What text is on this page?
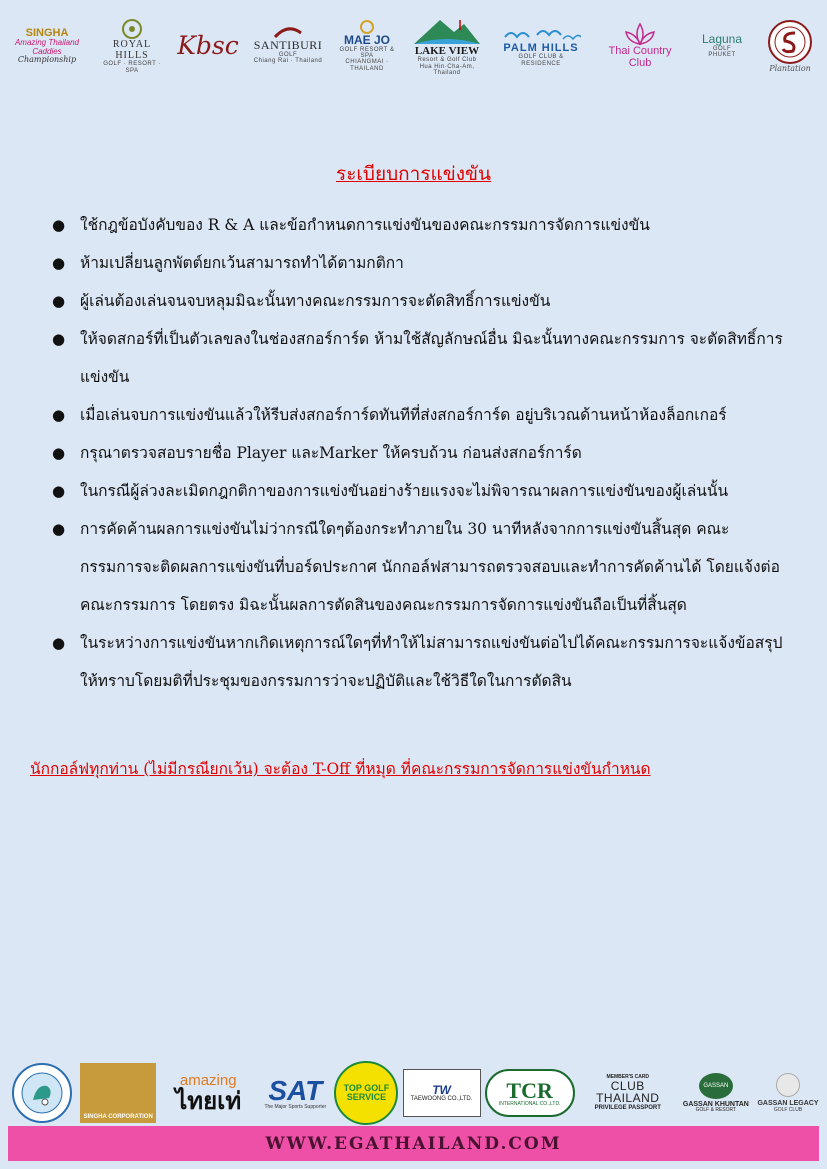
SINGHA
Amazing Thailand
Caddies
Championship
ROYAL HILLS
GOLF · RESORT · SPA
Kbsc SANTIBURI
GOLF
Chiang Rai · Thailand
MAE JO
GOLF RESORT & SPA
CHIANGMAI · THAILAND
LAKE VIEW
Resort & Golf Club
Hua Hin·Cha-Am, Thailand
PALM HILLS
GOLF CLUB & RESIDENCE
Thai Country Club
Laguna
GOLF
PHUKET
Plantation
ระเบียบการแข่งขัน
● ใช้กฎข้อบังคับของ R & A และข้อกำหนดการแข่งขันของคณะกรรมการจัดการแข่งขัน
● ห้ามเปลี่ยนลูกพัตต์ยกเว้นสามารถทำได้ตามกติกา
● ผู้เล่นต้องเล่นจนจบหลุมมิฉะนั้นทางคณะกรรมการจะตัดสิทธิ์การแข่งขัน
● ให้จดสกอร์ที่เป็นตัวเลขลงในช่องสกอร์การ์ด ห้ามใช้สัญลักษณ์อื่น มิฉะนั้นทางคณะกรรมการ จะตัดสิทธิ์การแข่งขัน
● เมื่อเล่นจบการแข่งขันแล้วให้รีบส่งสกอร์การ์ดทันทีที่ส่งสกอร์การ์ด อยู่บริเวณด้านหน้าห้องล็อกเกอร์
● กรุณาตรวจสอบรายชื่อ Player และMarker ให้ครบถ้วน ก่อนส่งสกอร์การ์ด
● ในกรณีผู้ล่วงละเมิดกฎกติกาของการแข่งขันอย่างร้ายแรงจะไม่พิจารณาผลการแข่งขันของผู้เล่นนั้น
● การคัดค้านผลการแข่งขันไม่ว่ากรณีใดๆต้องกระทำภายใน 30 นาทีหลังจากการแข่งขันสิ้นสุด คณะกรรมการจะติดผลการแข่งขันที่บอร์ดประกาศ นักกอล์ฟสามารถตรวจสอบและทำการคัดค้านได้ โดยแจ้งต่อคณะกรรมการ โดยตรง มิฉะนั้นผลการตัดสินของคณะกรรมการจัดการแข่งขันถือเป็นที่สิ้นสุด
● ในระหว่างการแข่งขันหากเกิดเหตุการณ์ใดๆที่ทำให้ไม่สามารถแข่งขันต่อไปได้คณะกรรมการจะแจ้งข้อสรุปให้ทราบโดยมติที่ประชุมของกรรมการว่าจะปฏิบัติและใช้วิธีใดในการตัดสิน

นักกอล์ฟทุกท่าน (ไม่มีกรณียกเว้น) จะต้อง T-Off ที่หมุด ที่คณะกรรมการจัดการแข่งขันกำหนด

SINGHA CORPORATION
amazing
ไทยเท่ SAT
The Major Sports Supporter
TOP GOLF
SERVICE
TW
TAEWOONG CO.,LTD. TCR
INTERNATIONAL CO.,LTD.
MEMBER'S CARD
CLUB THAILAND
PRIVILEGE PASSPORT
GASSAN
GASSAN KHUNTAN
GOLF & RESORT
GASSAN LEGACY
GOLF CLUB
WWW.EGATHAILAND.COM
